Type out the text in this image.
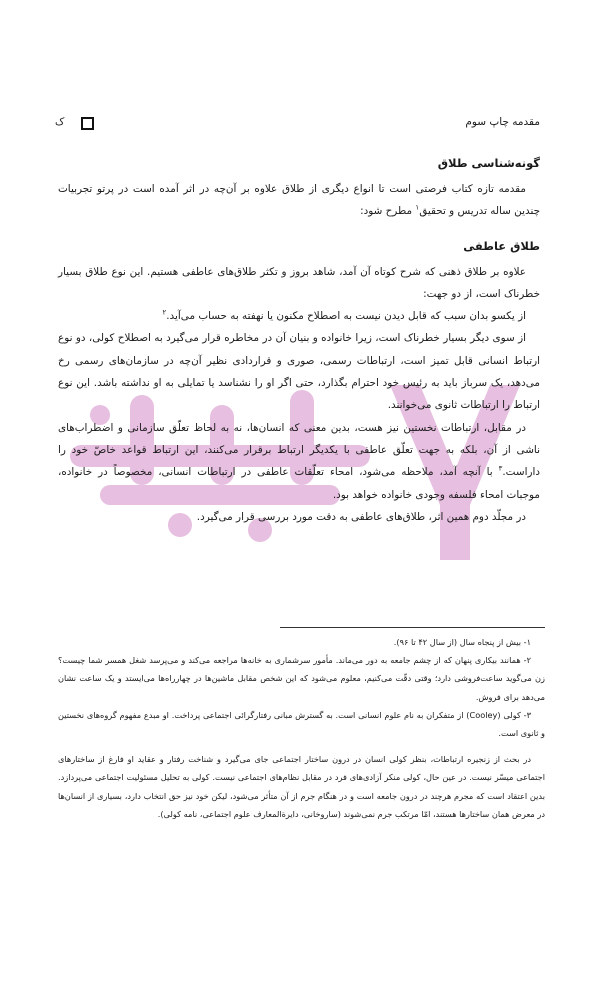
مقدمه چاپ سوم
ک
گونه‌شناسی طلاق

مقدمه تازه کتاب فرصتی است تا انواع دیگری از طلاق علاوه بر آن‌چه در اثر آمده است در پرتو تجربیات چندین ساله تدریس و تحقیق$^۱$ مطرح شود:

طلاق عاطفی

علاوه بر طلاق ذهنی که شرح کوتاه آن آمد، شاهد بروز و تکثر طلاق‌های عاطفی هستیم. این نوع طلاق بسیار خطرناک است، از دو جهت:

از یکسو بدان سبب که قابل دیدن نیست به اصطلاح مکنون یا نهفته به حساب می‌آید.$^۲$

از سوی دیگر بسیار خطرناک است، زیرا خانواده و بنیان آن در مخاطره قرار می‌گیرد به اصطلاح کولی، دو نوع ارتباط انسانی قابل تمیز است، ارتباطات رسمی، صوری و قراردادی نظیر آن‌چه در سازمان‌های رسمی رخ می‌دهد، یک سرباز باید به رئیس خود احترام بگذارد، حتی اگر او را نشناسد یا تمایلی به او نداشته باشد. این نوع ارتباط را ارتباطات ثانوی می‌خوانند.

در مقابل، ارتباطات نخستین نیز هست، بدین معنی که انسان‌ها، نه به لحاظ تعلّق سازمانی و اضطراب‌های ناشی از آن، بلکه به جهت تعلّق عاطفی با یکدیگر ارتباط برقرار می‌کنند، این ارتباط قواعد خاصّ خود را داراست.$^۳$ با آنچه آمد، ملاحظه می‌شود، امحاء تعلّقات عاطفی در ارتباطات انسانی، مخصوصاً در خانواده، موجبات امحاء فلسفه وجودی خانواده خواهد بود.

در مجلّد دوم همین اثر، طلاق‌های عاطفی به دقت مورد بررسی قرار می‌گیرد.

۱- بیش از پنجاه سال (از سال ۴۲ تا ۹۶).

۲- همانند بیکاری پنهان که از چشم جامعه به دور می‌ماند. مأمور سرشماری به خانه‌ها مراجعه می‌کند و می‌پرسد شغل همسر شما چیست؟ زن می‌گوید ساعت‌فروشی دارد؛ وقتی دقّت می‌کنیم، معلوم می‌شود که این شخص مقابل ماشین‌ها در چهارراه‌ها می‌ایستد و یک ساعت نشان می‌دهد برای فروش.

۳- کولی (Cooley) از متفکران به نام علوم انسانی است. به گسترش مبانی رفتارگرائی اجتماعی پرداخت. او مبدع مفهوم گروه‌های نخستین و ثانوی است.

در بحث از زنجیره ارتباطات، بنظر کولی انسان در درون ساختار اجتماعی جای می‌گیرد و شناخت رفتار و عقاید او فارغ از ساختارهای اجتماعی میسّر نیست. در عین حال، کولی منکر آزادی‌های فرد در مقابل نظام‌های اجتماعی نیست. کولی به تحلیل مسئولیت اجتماعی می‌پردازد. بدین اعتقاد است که مجرم هرچند در درون جامعه است و در هنگام جرم از آن متأثر می‌شود، لیکن خود نیز حق انتخاب دارد، بسیاری از انسان‌ها در معرض همان ساختارها هستند، امّا مرتکب جرم نمی‌شوند (ساروخانی، دایرة‌المعارف علوم اجتماعی، نامه کولی).
